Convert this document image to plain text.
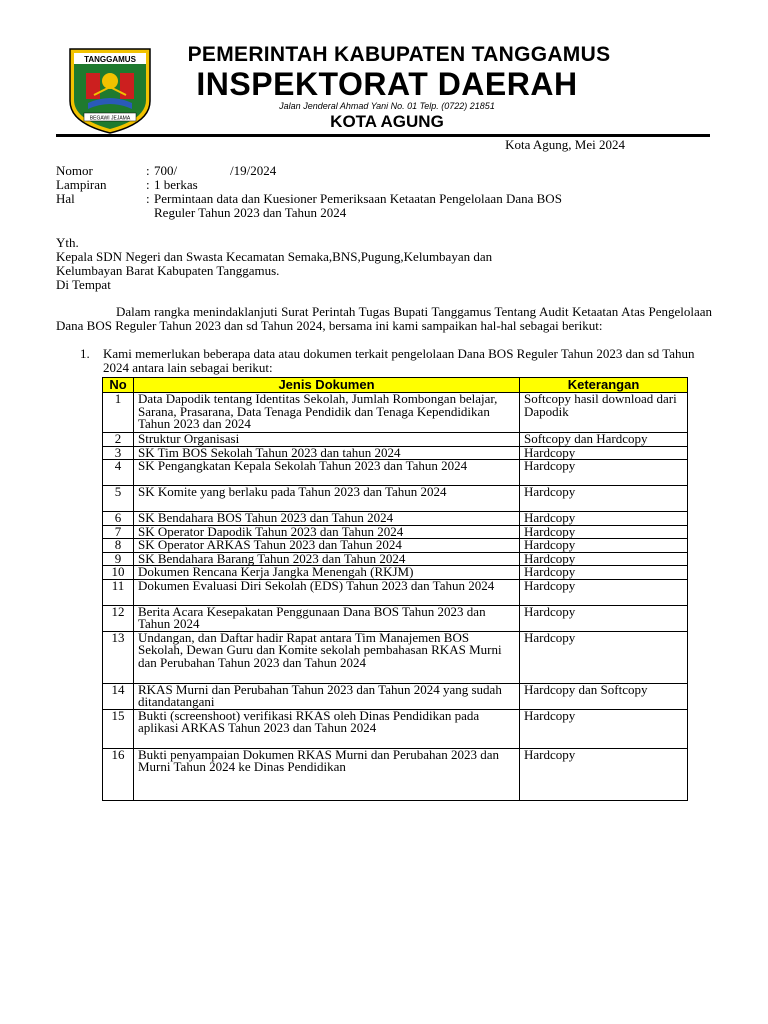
TANGGAMUS
BEGAWI JEJAMA
PEMERINTAH KABUPATEN TANGGAMUS
INSPEKTORAT DAERAH
Jalan Jenderal Ahmad Yani No. 01 Telp. (0722) 21851
KOTA AGUNG
Kota Agung, Mei 2024
Nomor	: 700/	/19/2024
Lampiran	: 1 berkas
Hal	: Permintaan data dan Kuesioner Pemeriksaan Ketaatan Pengelolaan Dana BOS
Reguler Tahun 2023 dan Tahun 2024
Yth.
Kepala SDN Negeri dan Swasta Kecamatan Semaka,BNS,Pugung,Kelumbayan dan
Kelumbayan Barat Kabupaten Tanggamus.
Di Tempat
Dalam rangka menindaklanjuti Surat Perintah Tugas Bupati Tanggamus Tentang Audit Ketaatan Atas Pengelolaan Dana BOS Reguler Tahun 2023 dan sd Tahun 2024, bersama ini kami sampaikan hal-hal sebagai berikut:
1. Kami memerlukan beberapa data atau dokumen terkait pengelolaan Dana BOS Reguler Tahun 2023 dan sd Tahun 2024 antara lain sebagai berikut:
No	Jenis Dokumen	Keterangan
1	Data Dapodik tentang Identitas Sekolah, Jumlah Rombongan belajar, Sarana, Prasarana, Data Tenaga Pendidik dan Tenaga Kependidikan Tahun 2023 dan 2024	Softcopy hasil download dari Dapodik
2	Struktur Organisasi	Softcopy dan Hardcopy
3	SK Tim BOS Sekolah Tahun 2023 dan tahun 2024	Hardcopy
4	SK Pengangkatan Kepala Sekolah Tahun 2023 dan Tahun 2024	Hardcopy
5	SK Komite yang berlaku pada Tahun 2023 dan Tahun 2024	Hardcopy
6	SK Bendahara BOS Tahun 2023 dan Tahun 2024	Hardcopy
7	SK Operator Dapodik Tahun 2023 dan Tahun 2024	Hardcopy
8	SK Operator ARKAS Tahun 2023 dan Tahun 2024	Hardcopy
9	SK Bendahara Barang Tahun 2023 dan Tahun 2024	Hardcopy
10	Dokumen Rencana Kerja Jangka Menengah (RKJM)	Hardcopy
11	Dokumen Evaluasi Diri Sekolah (EDS) Tahun 2023 dan Tahun 2024	Hardcopy
12	Berita Acara Kesepakatan Penggunaan Dana BOS Tahun 2023 dan Tahun 2024	Hardcopy
13	Undangan, dan Daftar hadir Rapat antara Tim Manajemen BOS Sekolah, Dewan Guru dan Komite sekolah pembahasan RKAS Murni dan Perubahan Tahun 2023 dan Tahun 2024	Hardcopy
14	RKAS Murni dan Perubahan Tahun 2023 dan Tahun 2024 yang sudah ditandatangani	Hardcopy dan Softcopy
15	Bukti (screenshoot) verifikasi RKAS oleh Dinas Pendidikan pada aplikasi ARKAS Tahun 2023 dan Tahun 2024	Hardcopy
16	Bukti penyampaian Dokumen RKAS Murni dan Perubahan 2023 dan Murni Tahun 2024 ke Dinas Pendidikan	Hardcopy
